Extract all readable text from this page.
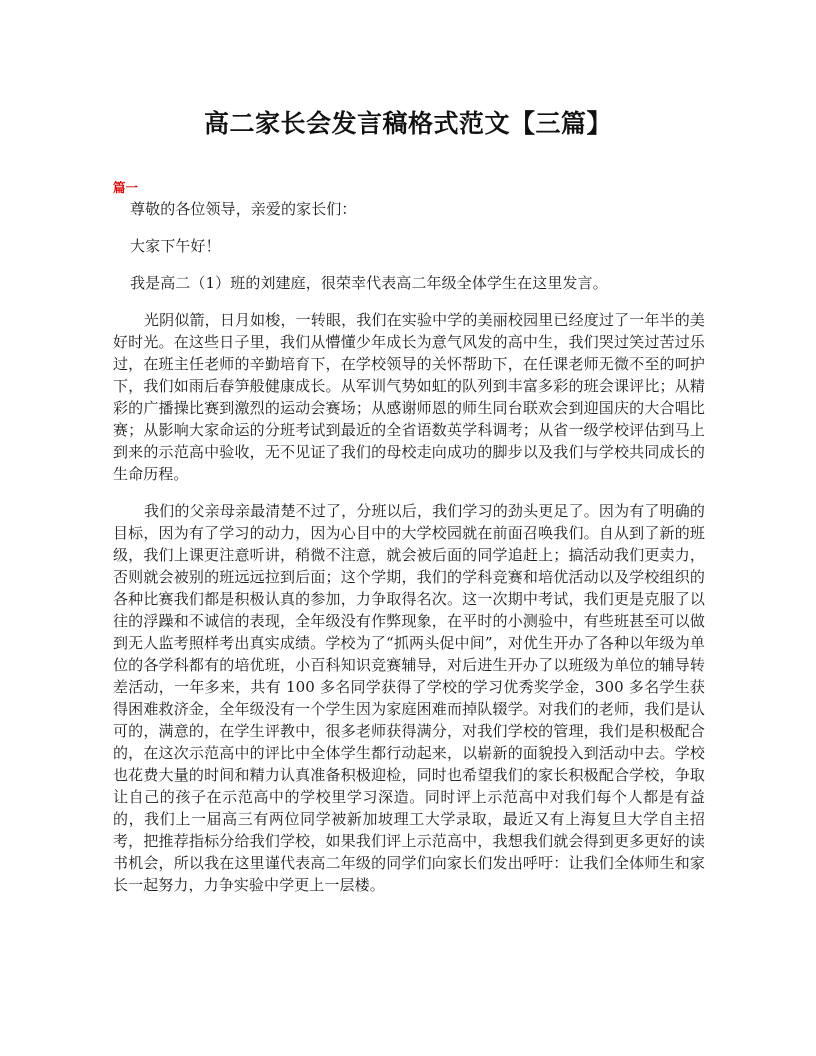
高二家长会发言稿格式范文【三篇】
篇一

尊敬的各位领导，亲爱的家长们：

大家下午好！

我是高二（1）班的刘建庭，很荣幸代表高二年级全体学生在这里发言。

光阴似箭，日月如梭，一转眼，我们在实验中学的美丽校园里已经度过了一年半的美好时光。在这些日子里，我们从懵懂少年成长为意气风发的高中生，我们哭过笑过苦过乐过，在班主任老师的辛勤培育下，在学校领导的关怀帮助下，在任课老师无微不至的呵护下，我们如雨后春笋般健康成长。从军训气势如虹的队列到丰富多彩的班会课评比；从精彩的广播操比赛到激烈的运动会赛场；从感谢师恩的师生同台联欢会到迎国庆的大合唱比赛；从影响大家命运的分班考试到最近的全省语数英学科调考；从省一级学校评估到马上到来的示范高中验收，无不见证了我们的母校走向成功的脚步以及我们与学校共同成长的生命历程。

我们的父亲母亲最清楚不过了，分班以后，我们学习的劲头更足了。因为有了明确的目标，因为有了学习的动力，因为心目中的大学校园就在前面召唤我们。自从到了新的班级，我们上课更注意听讲，稍微不注意，就会被后面的同学追赶上；搞活动我们更卖力，否则就会被别的班远远拉到后面；这个学期，我们的学科竞赛和培优活动以及学校组织的各种比赛我们都是积极认真的参加，力争取得名次。这一次期中考试，我们更是克服了以往的浮躁和不诚信的表现，全年级没有作弊现象，在平时的小测验中，有些班甚至可以做到无人监考照样考出真实成绩。学校为了“抓两头促中间”，对优生开办了各种以年级为单位的各学科都有的培优班，小百科知识竞赛辅导，对后进生开办了以班级为单位的辅导转差活动，一年多来，共有 100 多名同学获得了学校的学习优秀奖学金，300 多名学生获得困难救济金，全年级没有一个学生因为家庭困难而掉队辍学。对我们的老师，我们是认可的，满意的，在学生评教中，很多老师获得满分，对我们学校的管理，我们是积极配合的，在这次示范高中的评比中全体学生都行动起来，以崭新的面貌投入到活动中去。学校也花费大量的时间和精力认真准备积极迎检，同时也希望我们的家长积极配合学校，争取让自己的孩子在示范高中的学校里学习深造。同时评上示范高中对我们每个人都是有益的，我们上一届高三有两位同学被新加坡理工大学录取，最近又有上海复旦大学自主招考，把推荐指标分给我们学校，如果我们评上示范高中，我想我们就会得到更多更好的读书机会，所以我在这里谨代表高二年级的同学们向家长们发出呼吁：让我们全体师生和家长一起努力，力争实验中学更上一层楼。
